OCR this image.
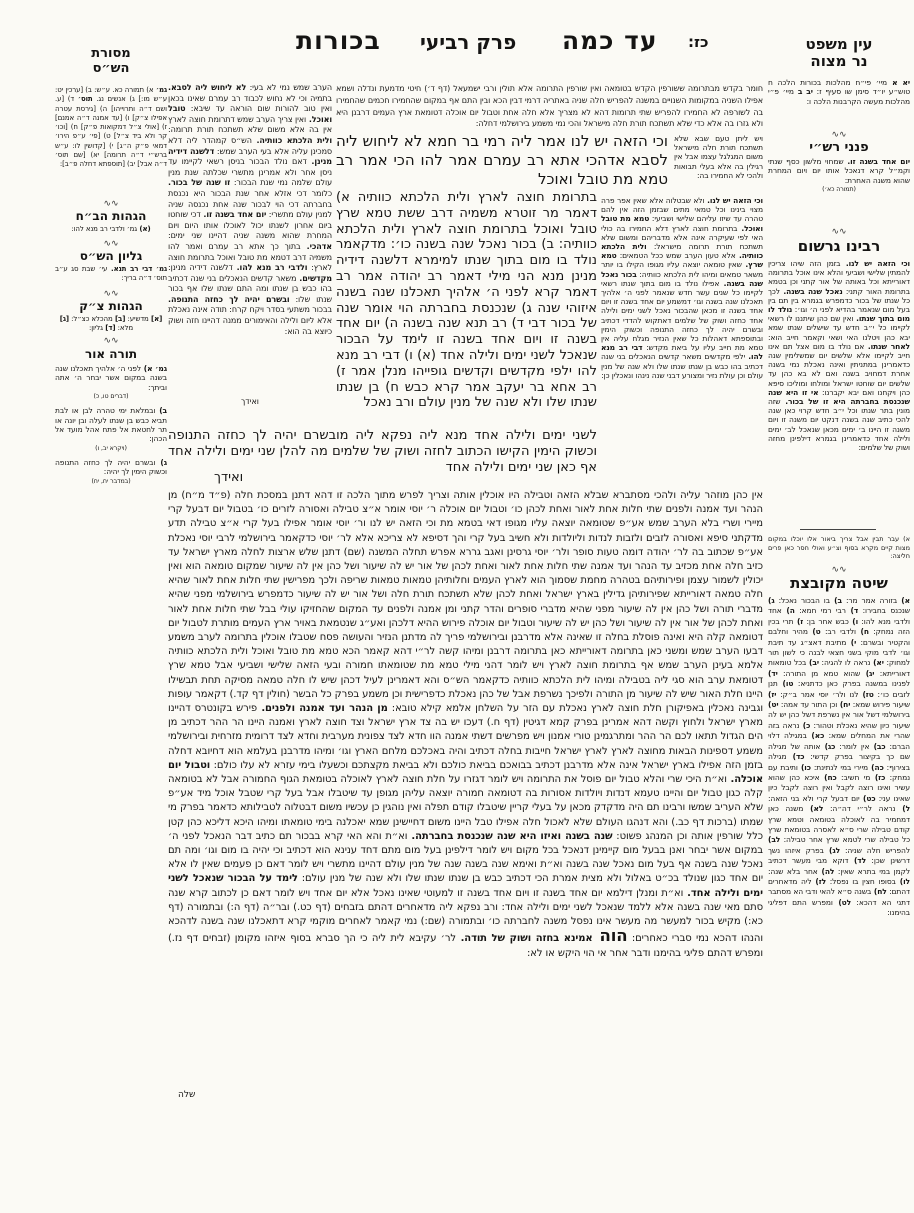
בכורות פרק רביעי עד כמה כז:
מסורת
הש״ס
גמ׳ א) תמורה כא. ע״ש: ב) [ערכין יט: ע״ש מו:] ג) אנשים נג. תוס׳ ד) [ע. ושם ד״ה ותרוייהו] ה) [גירסת עטרה אפילו צ״ק] ו) [עד אמנה ד״ה אמנם] ז) [אולי צ״ל דמקואות פ״ק] ח) [וכו׳ קר ולא ביד צ״ל] ט) [פי׳ ע״פ הירו׳ דמאי פ״ק ה״ג] י) [קדושין לו: ע״ש ברש״י ד״ה תרומה] יא) [שם תוס׳ ד״ה אבל] יב) [תוספתא דחלה פ״ב]:
∿∿
הגהות הב״ח
(א) גמ׳ ולדבי רב מנא להו:
∿∿
גליון הש״ס
גמ׳ דבי רב תנא. עי׳ שבת סג ע״ב תוס׳ ד״ה בריך:
∿∿
הגהות צ״ק
[א] מדשיע: [ב] מהכלא כצ״ל: [ג] מלא: [ד] גליון:
∿∿
תורה אור
גמ׳ א) לפני ה׳ אלהיך תאכלנו שנה בשנה במקום אשר יבחר ה׳ אתה וביתך:
(דברים טו, כ)
ב) ובמלאת ימי טהרה לבן או לבת תביא כבש בן שנתו לעלה ובן יונה או תר לחטאת אל פתח אהל מועד אל הכהן:
(ויקרא יב, ו)
ג) ובשרם יהיה לך כחזה התנופה וכשוק הימין לך יהיה:
(במדבר יח, יח)
עין משפט
נר מצוה
יא א מיי׳ פי״ח מהלכות בכורות הלכה ח טוש״ע יו״ד סימן שו סעיף ז: יב ב מיי׳ פ״י מהלכות מעשה הקרבנות הלכה ו:
∿∿
פנני רש״י
יום אחד בשנה זו. שמחוי מלשון כסף שנתי וקמ״ל קרא דנאכל אותו יום ויום המחרת שהוא משנה האחרת:
(תמורה כא׳)
∿∿
רבינו גרשום
וכי הזאה יש לנו. בזמן הזה שיהו צריכין להמתין שלישי ושביעי והלא אינו אוכל בתרומה דאורייתא וכל באותה של אור קתני וכן בטמא בתרומת האור קתני: נאכל שנה בשנה. לכך כל שנתו של בכור כדמפרש בגמרא בין תם בין בעל מום שנאמר בהדיא לפני ה׳ וגו׳: נולד לו מום בתוך שנתו. ואין שם כהן שיתננו לו רשאי לקיימו כל י״ב חדש עד שישלים שנתו שמא יבא כהן ויטלנו האי ושאי וקאמר חייב הוא: לאחר שנתו. אם נולד בו מום אצל תם אינו חייב לקיימו אלא שלשים יום שמשלימין שנה כדאמרינן במתניתין ואינה נאכלת נמי בשנה אחרת דמחויב בשנה ואם לא בא כהן עד שלשים יום שוחטו ישראל ומולחו ומוליכו סיפא כהן ויקחנו ואם יבא יקברנו: אי זו היא שנה שנכנסת בחברתה היא זו של בכור. שזה מונין בתר שנתו וכל י״ב חדש קרוי כאן שנה להכי כתיב שנה בשנה דנקט יום משנה זו ויום משנה זו היינו ב׳ ימים מכאן שנאכל לב׳ ימים ולילה אחד כדאמרינן בגמרא דילפינן מחזה ושוק של שלמים:
א) עבר תבין אבל צריך ביאור אלו יוכלו במקום מצות קיים מקרא בסוף וצ״ע ואולי חסר כאן פרים חליצה:
∿∿
שיטה מקובצת
א) בזורה אמר מר: ב) בו הבכור נאכל: ג) שנכנס בחבירו: ד) רבי רמי חמא: ה) אחד ולדבי מנא להו: ו) כבש אחר בן: ז) תרי בכין הזה נמחק: ח) ולדבי רב: ט) מהיר וחלבם והקטיר ובשרם: י) מתיבת דאצ״ג עד תיבת וגו׳ לדבי מוקי בשני חצאי לבנה כי לשון תור למחוק: יא) נראה לו להגיה: יב) בכל טומאות דאורייתא: יג) שהוא טמא מן התורה: יד) לפנינו במשנה בפרק כאן כדתניא: טו) תנן לזבים כו׳: טז) לנו ולר׳ יוסי אמר ב״ק: יז) שיעור פירוש שמא: יח) וכן התור עד אמה: יט) בירושלמי דשל אור אין נשרפת דשל כהן יש לה שיעור כיון שהיא נאכלת וטהור: כ) נראה בזה שהרי את המחלים שמא: כא) במגילה דלוי הברם: כב) אין לומר: כג) אותה של מגילה שם כך בקיצור בפרק קדשי: כד) מגילה בצירוף: כה) מיירי במי לנתינת: כו) ותיבת עם נמחק: כז) מי חשיב: כח) איכא כהן שהוא עשיר ואינו רוצה לקבל ואין רוצה לקבל כיון שאינו עני: כט) יום דבעל קרי ולא בני הזאה: ל) נראה לר״י דה״ה: לא) משנה כאן דמחמיר בה לאוכלה בטומאה וטמא שרץ קודם טבילה שרי ס״א לאסרה בטומאת שרץ כל טבילה שרי לטמא שרץ אחר טבילה: לב) להפריש חלה שניה: לג) בפרק איזהו נשך דרשינן שכן: לד) דוקא מבי מעשר דכתיב לקמן במי בתרא שאין: לה) אחר בלא שנה: לו) בסופו חצין בו נפסל: לז) ליה מדאחרים דהתם: לח) בשנה ס״א להאי ודבי הא מסתבר דתני הא דהכא: לט) ומפרש התם דפליגי בהימנו:
חומר בקדש מבתרומה ששורפין הקדש בטומאה ואין שורפין התרומה אלא תולין ורבי ישמעאל (דף ד׳) חיטי מדמעת ונדלה ושמא אפילו השניה במקומות השנויים במשנה להפריש חלה שניה באתריה דרמי דבין הכא ובין התם אף במקום שהחמירו חכמים שהחמירו בה לשורפה לא החמירו להפריש שתי תרומות דהא לא מצריך אלא חלה אחת וטבול יום אוכלה דטומאת ארץ העמים דרבנן היא ולא גזרו בה אלא כדי שלא תשתכח תורת חלה מישראל והכי נמי משמע בירושלמי דחלה:
ויש ליתן טעם שבא שלא תשתכח תורת חלה מישראל משום המגלגל עצמו אבל אין רגילין בה אלא בעלי תבואות ולהכי לא החמירו בה:
וכי הזאה יש לנו. ולא שבטלוה אלא שאין אפר פרה מצוי בינינו וכל טמאי מתים שבזמן הזה אין להם טהרה עד שיזו עליהם שלישי ושביעי: טמא מת טובל ואוכל. בתרומת חוצה לארץ דלא החמירו בה כולי האי לפי שעיקרה אינה אלא מדבריהם ומשום שלא תשתכח תורת תרומה מישראל: ולית הלכתא כוותיה. אלא טעון הערב שמש ככל הטמאים: טמא שרץ. שאין טומאה יוצאה עליו מגופו הקילו בו יותר משאר טמאים ומיהו לית הלכתא כוותיה: בכור נאכל שנה בשנה. אפילו נולד בו מום בתוך שנתו רשאי לקיימו כל שנים עשר חדש שנאמר לפני ה׳ אלהיך תאכלנו שנה בשנה וגו׳ דמשמע יום אחד בשנה זו ויום אחד בשנה זו מכאן שהבכור נאכל לשני ימים ולילה אחד כחזה ושוק של שלמים דאתקוש להדדי דכתיב ובשרם יהיה לך כחזה התנופה וכשוק הימין ובתוספתא דאהלות כל שאין הנזיר מגלח עליה אין טמא מת חייב עליו על ביאת מקדש: דבי רב מנא להו. ילפי מקדשים משאר קדשים הנאכלים בני שנה דכתיב בהו כבש בן שנתו שנתו שלו ולא שנה של מנין עולם וכן עולת נזיר ומצורע דבני שנה נינהו ונאכלין כן:
הערב שמש נמי לא בעי: לא ליחוש ליה לסבא. בתמיה וכי לא נחוש לכבוד רב עמרם שאינו בכאן ואין טוב להורות שום הוראה עד שיבא: טובל ואוכל. ואין צריך הערב שמש דתרומת חוצה לארץ אין בה אלא משום שלא תשתכח תורת תרומה: ולית הלכתא כוותיה. הש״ס קמהדר ליה דלא סמכינן עליה אלא בעי הערב שמש: דלשנה דידיה מנינן. דאם נולד הבכור בניסן רשאי לקיימו עד ניסן אחר ולא אמרינן מתשרי שכלתה שנת מנין עולם שלמה נמי שנת הבכור: זו שנה של בכור. כלומר דכי אזלא אחר שנת הבכור היא נכנסת בחברתה דכי הוי לבכור שנה אחת נכנסה שניה למנין עולם מתשרי: יום אחד בשנה זו. דכי שוחטו ביום אחרון לשנתו יכול לאוכלו אותו היום ויום המחרת שהוא משנה שניה דהיינו שני ימים: אדהכי. בתוך כך אתא רב עמרם ואמר להו משמיה דרב דטמא מת טובל ואוכל בתרומת חוצה לארץ: ולדבי רב מנא להו. דלשנה דידיה מנינן: מקדשים. משאר קדשים הנאכלים בני שנה דכתיב בהו כבש בן שנתו ומה התם שנתו שלו אף בכור שנתו שלו: ובשרם יהיה לך כחזה התנופה. בבכור משתעי בסדר ויקח קרח: תודה אינה נאכלת אלא ליום ולילה והאימורים ממנה דהיינו חזה ושוק כיוצא בה הוא:
ואידך
וכי הזאה יש לנו אמר ליה רמי בר חמא לא ליחוש ליה לסבא אדהכי אתא רב עמרם אמר להו הכי אמר רב טמא מת טובל ואוכל
בתרומת חוצה לארץ ולית הלכתא כוותיה א) דאמר מר זוטרא משמיה דרב ששת טמא שרץ טובל ואוכל בתרומת חוצה לארץ ולית הלכתא כוותיה: ב) בכור נאכל שנה בשנה כו׳: מדקאמר נולד בו מום בתוך שנתו למימרא דלשנה דידיה מנינן מנא הני מילי דאמר רב יהודה אמר רב דאמר קרא לפני ה׳ אלהיך תאכלנו שנה בשנה איזוהי שנה ג) שנכנסת בחברתה הוי אומר שנה של בכור דבי ד) רב תנא שנה בשנה ה) יום אחד בשנה זו ויום אחד בשנה זו לימד על הבכור שנאכל לשני ימים ולילה אחד (א) ו) דבי רב מנא להו ילפי מקדשים וקדשים גופייהו מנלן אמר ז) רב אחא בר יעקב אמר קרא כבש ח) בן שנתו שנתו שלו ולא שנה של מנין עולם ורב נאכל
לשני ימים ולילה אחד מנא ליה נפקא ליה מובשרם יהיה לך כחזה התנופה וכשוק הימין הקישו הכתוב לחזה ושוק של שלמים מה להלן שני ימים ולילה אחד אף כאן שני ימים ולילה אחד
ואידך
אין כהן מוזהר עליה ולהכי מסתברא שבלא הזאה וטבילה היו אוכלין אותה וצריך לפרש מתוך הלכה זו דהא דתנן במסכת חלה (פ״ד מ״ח) מן הנהר ועד אמנה ולפנים שתי חלות אחת לאור ואחת לכהן כו׳ וטבול יום אוכלה ר׳ יוסי אומר א״צ טבילה ואסורה לזרים כו׳ בטבול יום דבעל קרי מיירי ושרי בלא הערב שמש אע״פ שטומאה יוצאה עליו מגופו דאי בטמא מת וכי הזאה יש לנו ור׳ יוסי אומר אפילו בעל קרי א״צ טבילה תדע מדקתני סיפא ואסורה לזבים ולזבות לנדות וליולדות ולא חשיב בעל קרי והך דסיפא לא צריכא אלא לר׳ יוסי כדקאמר בירושלמי לרבי יוסי נאכלת אע״פ שכתוב בה לר׳ יהודה דומה טעות סופר ולר׳ יוסי גרסינן ואגב גררא אפרש תחלה המשנה (שם) דתנן שלש ארצות לחלה מארץ ישראל עד כזיב חלה אחת מכזיב עד הנהר ועד אמנה שתי חלות אחת לאור ואחת לכהן של אור יש לה שיעור ושל כהן אין לה שיעור שמקום טומאה הוא ואין יכולין לשמור עצמן ופירותיהם בטהרה מחמת שסמוך הוא לארץ העמים וחלותיהן טמאות טמאות שריפה ולכך מפרישין שתי חלות אחת לאור שהיא חלה טמאה דאורייתא שפירותיהן גדילין בארץ ישראל ואחת לכהן שלא תשתכח תורת חלה ושל אור יש לה שיעור כדמפרש בירושלמי מפני שהיא מדברי תורה ושל כהן אין לה שיעור מפני שהיא מדברי סופרים והדר קתני ומן אמנה ולפנים עד המקום שהחזיקו עולי בבל שתי חלות אחת לאור ואחת לכהן של אור אין לה שיעור ושל כהן יש לה שיעור וטבול יום אוכלה פירוש ההיא דלכהן ואע״ג שנטמאת באויר ארץ העמים מותרת לטבול יום דטומאה קלה היא ואינה פוסלת בחלה זו שאינה אלא מדרבנן ובירושלמי פריך לה מדתנן הנזיר והעושה פסח שטבלו אוכלין בתרומה לערב משמע דבעו הערב שמש ומשני כאן בתרומה דאורייתא כאן בתרומה דרבנן ומיהו קשה לר״י דהא קאמר הכא טמא מת טובל ואוכל ולית הלכתא כוותיה אלמא בעינן הערב שמש אף בתרומת חוצה לארץ ויש לומר דהני מילי טמא מת שטומאתו חמורה ובעי הזאה שלישי ושביעי אבל טמא שרץ דטומאת ערב הוא סגי ליה בטבילה ומיהו לית הלכתא כוותיה כדקאמר הש״ס והא דאמרינן לעיל דכהן שיש לו חלה טמאה מסיקה תחת תבשילו היינו חלת האור שיש לה שיעור מן התורה ולפיכך נשרפת אבל של כהן נאכלת כדפרישית וכן משמע בפרק כל הבשר (חולין דף קד.) דקאמר עופות וגבינה נאכלין באפיקורן חלת חוצה לארץ נאכלת עם הזר על השלחן אלמא קילא טובא: מן הנהר ועד אמנה ולפנים. פירש בקונטרס דהיינו מארץ ישראל ולחוץ וקשה דהא אמרינן בפרק קמא דגיטין (דף ח.) דעכו יש בה צד ארץ ישראל וצד חוצה לארץ ואמנה היינו הר ההר דכתיב מן הים הגדול תתאו לכם הר ההר ומתרגמינן טורי אמנון ויש מפרשים דשתי אמנה הוו חדא לצד צפונית מערבית וחדא לצד דרומית מזרחית ובירושלמי משמע דספינות הבאות מחוצה לארץ לארץ ישראל חייבות בחלה דכתיב והיה באכלכם מלחם הארץ וגו׳ ומיהו מדרבנן בעלמא הוא דחיובא דחלה בזמן הזה אפילו בארץ ישראל אינה אלא מדרבנן דכתיב בבואכם בביאת כולכם ולא בביאת מקצתכם וכשעלו בימי עזרא לא עלו כולם: וטבול יום אוכלה. וא״ת היכי שרי והלא טבול יום פוסל את התרומה ויש לומר דגזרו על חלת חוצה לארץ לאוכלה בטומאת הגוף החמורה אבל לא בטומאה קלה כגון טבול יום והיינו טעמא דנדות ויולדות אסורות בה דטומאה חמורה יוצאה עליהן מגופן עד שיטבלו אבל בעל קרי שטבל אוכל מיד אע״פ שלא העריב שמשו ורבינו תם היה מדקדק מכאן על בעלי קריין שיטבלו קודם תפלה ואין נוהגין כן עכשיו משום דבטלוה לטבילותא כדאמר בפרק מי שמתו (ברכות דף כב.) והא דנהגו העולם שלא לאכול חלה אפילו טבל היינו משום דחיישינן שמא יאכלנה בימי טומאתו ומיהו היכא דליכא כהן קטן כלל שורפין אותה וכן המנהג פשוט: שנה בשנה ואיזו היא שנה שנכנסת בחברתה. וא״ת והא האי קרא בבכור תם כתיב דבר הנאכל לפני ה׳ במקום אשר יבחר ואנן בבעל מום קיימינן דנאכל בכל מקום ויש לומר דילפינן בעל מום מתם דחד ענינא הוא דכתיב וכי יהיה בו מום וגו׳ ומה תם נאכל שנה בשנה אף בעל מום נאכל שנה בשנה וא״ת ואימא שנה בשנה שנה של מנין עולם דהיינו מתשרי ויש לומר דאם כן פעמים שאין לו אלא יום אחד כגון שנולד בכ״ט באלול ולא מצית אמרת הכי דכתיב כבש בן שנתו שנתו שלו ולא שנה של מנין עולם: לימד על הבכור שנאכל לשני ימים ולילה אחד. וא״ת ומנלן דילמא יום אחד בשנה זו ויום אחד בשנה זו למעוטי שאינו נאכל אלא יום אחד ויש לומר דאם כן לכתוב קרא שנה סתם מאי שנה בשנה אלא ללמד שנאכל לשני ימים ולילה אחד: ורב נפקא ליה מדאחרים דהתם בזבחים (דף כט.) ובר״ה (דף ה:) ובתמורה (דף כא:) מקיש בכור למעשר מה מעשר אינו נפסל משנה לחברתה כו׳ ובתמורה (שם:) נמי קאמר לאחרים מוקמי קרא דתאכלנו שנה בשנה לדהכא והנהו דהכא נמי סברי כאחרים: הוה אמינא בחזה ושוק של תודה. לר׳ עקיבא לית ליה כי הך סברא בסוף איזהו מקומן (זבחים דף נז.) ומפרש דהתם פליגי בהימנו ודבר אחר אי הוי היקש או לא:
שלה
